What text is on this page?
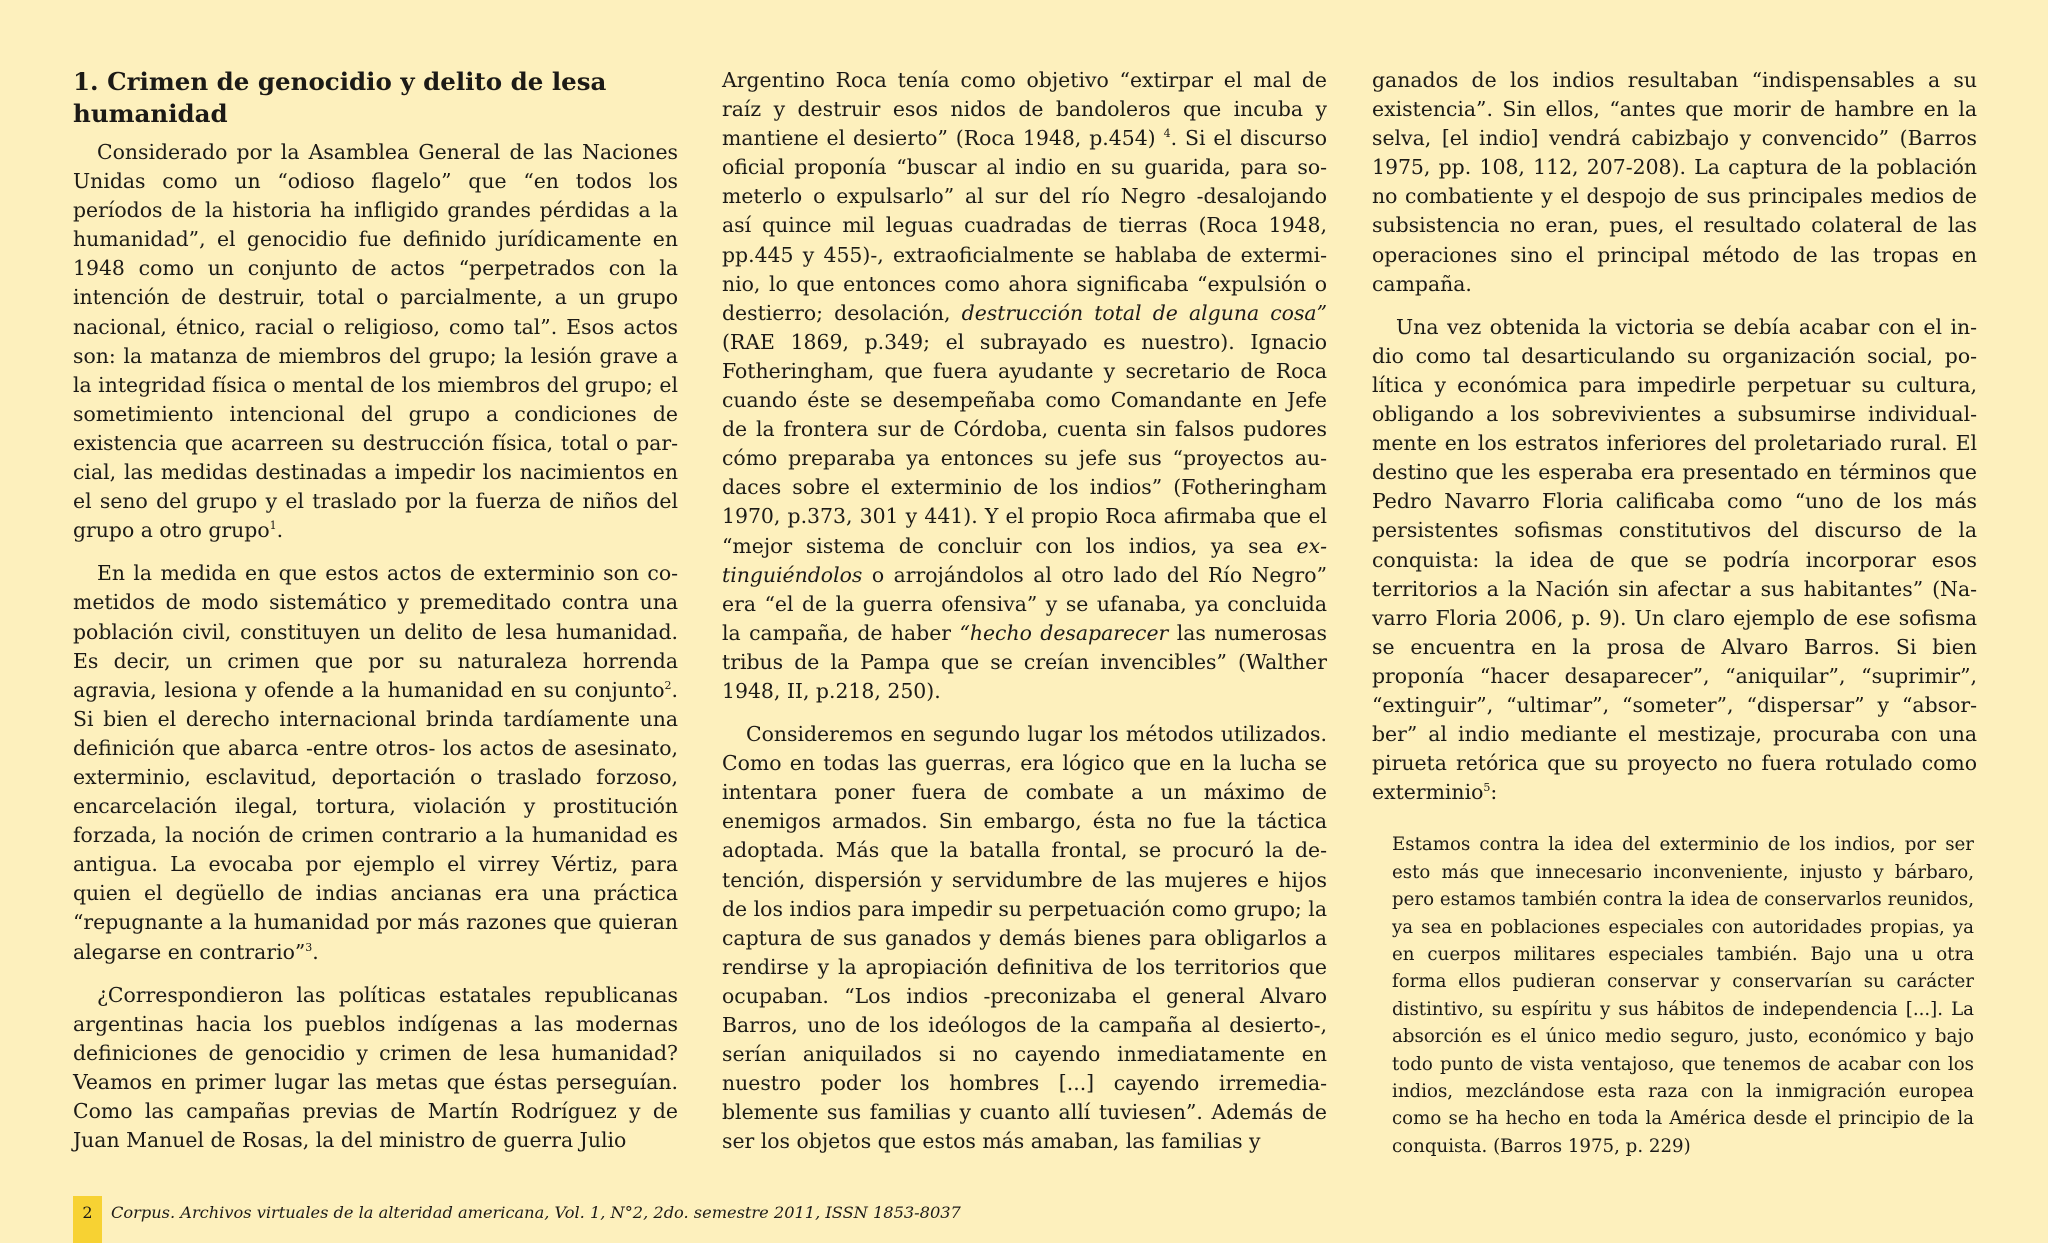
1. Crimen de genocidio y delito de lesa humanidad

Considerado por la Asamblea General de las Naciones Unidas como un “odioso flagelo” que “en todos los períodos de la historia ha infligido grandes pérdidas a la humanidad”, el genocidio fue definido jurídicamente en 1948 como un conjunto de actos “perpetrados con la intención de destruir, total o parcialmente, a un grupo nacional, étnico, racial o religioso, como tal”. Esos actos son: la matanza de miembros del grupo; la lesión grave a la integridad física o mental de los miembros del grupo; el sometimiento intencional del grupo a condiciones de existencia que acarreen su destrucción física, total o parcial, las medidas destinadas a impedir los nacimientos en el seno del grupo y el traslado por la fuerza de niños del grupo a otro grupo$^1$.

En la medida en que estos actos de exterminio son cometidos de modo sistemático y premeditado contra una población civil, constituyen un delito de lesa humanidad. Es decir, un crimen que por su naturaleza horrenda agravia, lesiona y ofende a la humanidad en su conjunto$^2$. Si bien el derecho internacional brinda tardíamente una definición que abarca -entre otros- los actos de asesinato, exterminio, esclavitud, deportación o traslado forzoso, encarcelación ilegal, tortura, violación y prostitución forzada, la noción de crimen contrario a la humanidad es antigua. La evocaba por ejemplo el virrey Vértiz, para quien el degüello de indias ancianas era una práctica “repugnante a la humanidad por más razones que quieran alegarse en contrario”$^3$.

¿Correspondieron las políticas estatales republicanas argentinas hacia los pueblos indígenas a las modernas definiciones de genocidio y crimen de lesa humanidad? Veamos en primer lugar las metas que éstas perseguían. Como las campañas previas de Martín Rodríguez y de Juan Manuel de Rosas, la del ministro de guerra Julio

Argentino Roca tenía como objetivo “extirpar el mal de raíz y destruir esos nidos de bandoleros que incuba y mantiene el desierto” (Roca 1948, p.454) $^4$. Si el discurso oficial proponía “buscar al indio en su guarida, para someterlo o expulsarlo” al sur del río Negro -desalojando así quince mil leguas cuadradas de tierras (Roca 1948, pp.445 y 455)-, extraoficialmente se hablaba de exterminio, lo que entonces como ahora significaba “expulsión o destierro; desolación, destrucción total de alguna cosa” (RAE 1869, p.349; el subrayado es nuestro). Ignacio Fotheringham, que fuera ayudante y secretario de Roca cuando éste se desempeñaba como Comandante en Jefe de la frontera sur de Córdoba, cuenta sin falsos pudores cómo preparaba ya entonces su jefe sus “proyectos audaces sobre el exterminio de los indios” (Fotheringham 1970, p.373, 301 y 441). Y el propio Roca afirmaba que el “mejor sistema de concluir con los indios, ya sea extinguiéndolos o arrojándolos al otro lado del Río Negro” era “el de la guerra ofensiva” y se ufanaba, ya concluida la campaña, de haber “hecho desaparecer las numerosas tribus de la Pampa que se creían invencibles” (Walther 1948, II, p.218, 250).

Consideremos en segundo lugar los métodos utilizados. Como en todas las guerras, era lógico que en la lucha se intentara poner fuera de combate a un máximo de enemigos armados. Sin embargo, ésta no fue la táctica adoptada. Más que la batalla frontal, se procuró la detención, dispersión y servidumbre de las mujeres e hijos de los indios para impedir su perpetuación como grupo; la captura de sus ganados y demás bienes para obligarlos a rendirse y la apropiación definitiva de los territorios que ocupaban. “Los indios -preconizaba el general Alvaro Barros, uno de los ideólogos de la campaña al desierto-, serían aniquilados si no cayendo inmediatamente en nuestro poder los hombres [...] cayendo irremediablemente sus familias y cuanto allí tuviesen”. Además de ser los objetos que estos más amaban, las familias y

ganados de los indios resultaban “indispensables a su existencia”. Sin ellos, “antes que morir de hambre en la selva, [el indio] vendrá cabizbajo y convencido” (Barros 1975, pp. 108, 112, 207-208). La captura de la población no combatiente y el despojo de sus principales medios de subsistencia no eran, pues, el resultado colateral de las operaciones sino el principal método de las tropas en campaña.

Una vez obtenida la victoria se debía acabar con el indio como tal desarticulando su organización social, política y económica para impedirle perpetuar su cultura, obligando a los sobrevivientes a subsumirse individualmente en los estratos inferiores del proletariado rural. El destino que les esperaba era presentado en términos que Pedro Navarro Floria calificaba como “uno de los más persistentes sofismas constitutivos del discurso de la conquista: la idea de que se podría incorporar esos territorios a la Nación sin afectar a sus habitantes” (Navarro Floria 2006, p. 9). Un claro ejemplo de ese sofisma se encuentra en la prosa de Alvaro Barros. Si bien proponía “hacer desaparecer”, “aniquilar”, “suprimir”, “extinguir”, “ultimar”, “someter”, “dispersar” y “absorber” al indio mediante el mestizaje, procuraba con una pirueta retórica que su proyecto no fuera rotulado como exterminio$^5$:

Estamos contra la idea del exterminio de los indios, por ser esto más que innecesario inconveniente, injusto y bárbaro, pero estamos también contra la idea de conservarlos reunidos, ya sea en poblaciones especiales con autoridades propias, ya en cuerpos militares especiales también. Bajo una u otra forma ellos pudieran conservar y conservarían su carácter distintivo, su espíritu y sus hábitos de independencia [...]. La absorción es el único medio seguro, justo, económico y bajo todo punto de vista ventajoso, que tenemos de acabar con los indios, mezclándose esta raza con la inmigración europea como se ha hecho en toda la América desde el principio de la conquista. (Barros 1975, p. 229)
2	Corpus. Archivos virtuales de la alteridad americana, Vol. 1, N°2, 2do. semestre 2011, ISSN 1853-8037
